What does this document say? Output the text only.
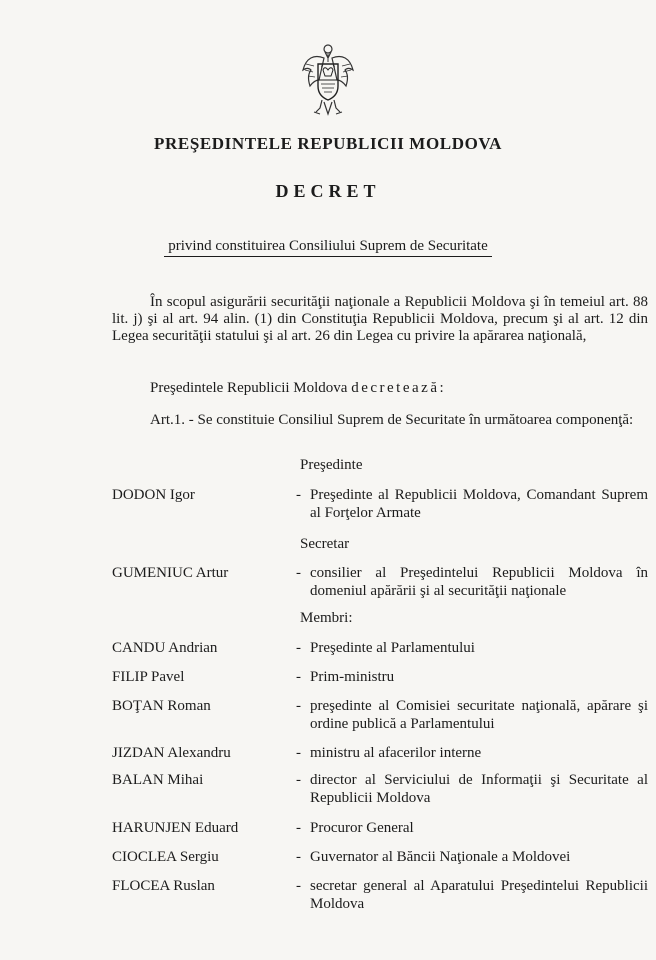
PREŞEDINTELE REPUBLICII MOLDOVA
DECRET
privind constituirea Consiliului Suprem de Securitate
În scopul asigurării securităţii naţionale a Republicii Moldova şi în temeiul art. 88 lit. j) şi al art. 94 alin. (1) din Constituţia Republicii Moldova, precum şi al art. 12 din Legea securităţii statului şi al art. 26 din Legea cu privire la apărarea naţională,
Preşedintele Republicii Moldova decretează:
Art.1. - Se constituie Consiliul Suprem de Securitate în următoarea componenţă:
Preşedinte
DODON Igor	- Preşedinte al Republicii Moldova, Comandant Suprem al Forţelor Armate
Secretar
GUMENIUC Artur	- consilier al Preşedintelui Republicii Moldova în domeniul apărării şi al securităţii naţionale
Membri:
CANDU Andrian	- Preşedinte al Parlamentului
FILIP Pavel	- Prim-ministru
BOŢAN Roman	- preşedinte al Comisiei securitate naţională, apărare şi ordine publică a Parlamentului
JIZDAN Alexandru	- ministru al afacerilor interne
BALAN Mihai	- director al Serviciului de Informaţii şi Securitate al Republicii Moldova
HARUNJEN Eduard	- Procuror General
CIOCLEA Sergiu	- Guvernator al Băncii Naţionale a Moldovei
FLOCEA Ruslan	- secretar general al Aparatului Preşedintelui Republicii Moldova
